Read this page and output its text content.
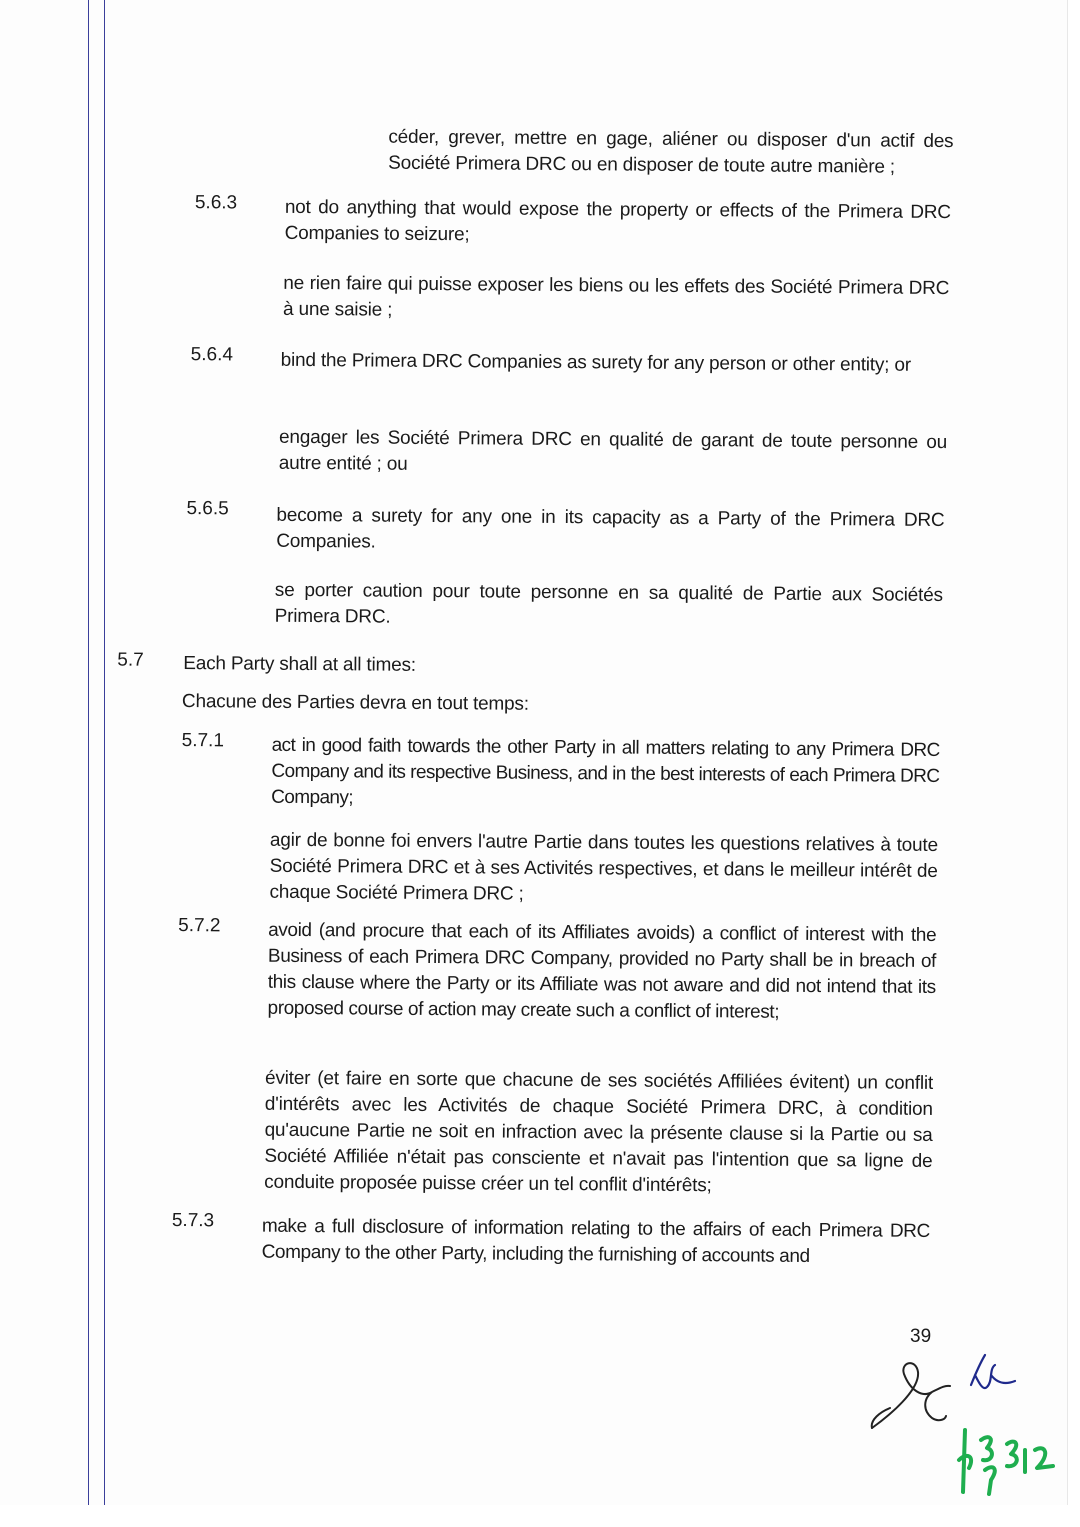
céder, grever, mettre en gage, aliéner ou disposer d'un actif des Société Primera DRC ou en disposer de toute autre manière ;
5.6.3	not do anything that would expose the property or effects of the Primera DRC Companies to seizure;
ne rien faire qui puisse exposer les biens ou les effets des Société Primera DRC à une saisie ;
5.6.4	bind the Primera DRC Companies as surety for any person or other entity; or
engager les Société Primera DRC en qualité de garant de toute personne ou autre entité ; ou
5.6.5	become a surety for any one in its capacity as a Party of the Primera DRC Companies.
se porter caution pour toute personne en sa qualité de Partie aux Sociétés Primera DRC.
5.7 Each Party shall at all times:
Chacune des Parties devra en tout temps:
5.7.1	act in good faith towards the other Party in all matters relating to any Primera DRC Company and its respective Business, and in the best interests of each Primera DRC Company;
agir de bonne foi envers l'autre Partie dans toutes les questions relatives à toute Société Primera DRC et à ses Activités respectives, et dans le meilleur intérêt de chaque Société Primera DRC ;
5.7.2	avoid (and procure that each of its Affiliates avoids) a conflict of interest with the Business of each Primera DRC Company, provided no Party shall be in breach of this clause where the Party or its Affiliate was not aware and did not intend that its proposed course of action may create such a conflict of interest;
éviter (et faire en sorte que chacune de ses sociétés Affiliées évitent) un conflit d'intérêts avec les Activités de chaque Société Primera DRC, à condition qu'aucune Partie ne soit en infraction avec la présente clause si la Partie ou sa Société Affiliée n'était pas consciente et n'avait pas l'intention que sa ligne de conduite proposée puisse créer un tel conflit d'intérêts;
5.7.3	make a full disclosure of information relating to the affairs of each Primera DRC Company to the other Party, including the furnishing of accounts and
39
